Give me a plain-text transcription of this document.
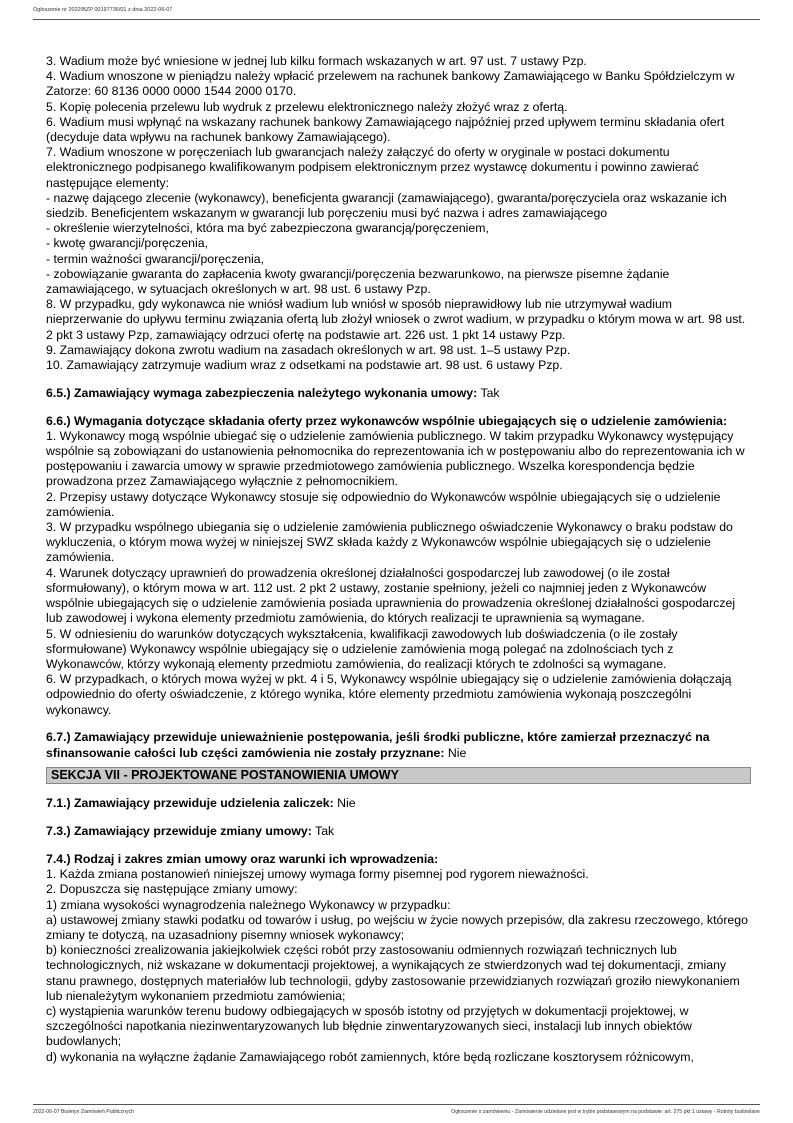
Ogłoszenie nr 2022/BZP 00197736/01 z dnia 2022-06-07

3. Wadium może być wniesione w jednej lub kilku formach wskazanych w art. 97 ust. 7 ustawy Pzp.

4. Wadium wnoszone w pieniądzu należy wpłacić przelewem na rachunek bankowy Zamawiającego w Banku Spółdzielczym w Zatorze: 60 8136 0000 0000 1544 2000 0170.

5. Kopię polecenia przelewu lub wydruk z przelewu elektronicznego należy złożyć wraz z ofertą.

6. Wadium musi wpłynąć na wskazany rachunek bankowy Zamawiającego najpóźniej przed upływem terminu składania ofert (decyduje data wpływu na rachunek bankowy Zamawiającego).

7. Wadium wnoszone w poręczeniach lub gwarancjach należy załączyć do oferty w oryginale w postaci dokumentu elektronicznego podpisanego kwalifikowanym podpisem elektronicznym przez wystawcę dokumentu i powinno zawierać następujące elementy:

- nazwę dającego zlecenie (wykonawcy), beneficjenta gwarancji (zamawiającego), gwaranta/poręczyciela oraz wskazanie ich siedzib. Beneficjentem wskazanym w gwarancji lub poręczeniu musi być nazwa i adres zamawiającego

- określenie wierzytelności, która ma być zabezpieczona gwarancją/poręczeniem,

- kwotę gwarancji/poręczenia,

- termin ważności gwarancji/poręczenia,

- zobowiązanie gwaranta do zapłacenia kwoty gwarancji/poręczenia bezwarunkowo, na pierwsze pisemne żądanie zamawiającego, w sytuacjach określonych w art. 98 ust. 6 ustawy Pzp.

8. W przypadku, gdy wykonawca nie wniósł wadium lub wniósł w sposób nieprawidłowy lub nie utrzymywał wadium nieprzerwanie do upływu terminu związania ofertą lub złożył wniosek o zwrot wadium, w przypadku o którym mowa w art. 98 ust. 2 pkt 3 ustawy Pzp, zamawiający odrzuci ofertę na podstawie art. 226 ust. 1 pkt 14 ustawy Pzp.

9. Zamawiający dokona zwrotu wadium na zasadach określonych w art. 98 ust. 1–5 ustawy Pzp.

10. Zamawiający zatrzymuje wadium wraz z odsetkami na podstawie art. 98 ust. 6 ustawy Pzp.

6.5.) Zamawiający wymaga zabezpieczenia należytego wykonania umowy: Tak

6.6.) Wymagania dotyczące składania oferty przez wykonawców wspólnie ubiegających się o udzielenie zamówienia:

1. Wykonawcy mogą wspólnie ubiegać się o udzielenie zamówienia publicznego. W takim przypadku Wykonawcy występujący wspólnie są zobowiązani do ustanowienia pełnomocnika do reprezentowania ich w postępowaniu albo do reprezentowania ich w postępowaniu i zawarcia umowy w sprawie przedmiotowego zamówienia publicznego. Wszelka korespondencja będzie prowadzona przez Zamawiającego wyłącznie z pełnomocnikiem.

2. Przepisy ustawy dotyczące Wykonawcy stosuje się odpowiednio do Wykonawców wspólnie ubiegających się o udzielenie zamówienia.

3. W przypadku wspólnego ubiegania się o udzielenie zamówienia publicznego oświadczenie Wykonawcy o braku podstaw do wykluczenia, o którym mowa wyżej w niniejszej SWZ składa każdy z Wykonawców wspólnie ubiegających się o udzielenie zamówienia.

4. Warunek dotyczący uprawnień do prowadzenia określonej działalności gospodarczej lub zawodowej (o ile został sformułowany), o którym mowa w art. 112 ust. 2 pkt 2 ustawy, zostanie spełniony, jeżeli co najmniej jeden z Wykonawców wspólnie ubiegających się o udzielenie zamówienia posiada uprawnienia do prowadzenia określonej działalności gospodarczej lub zawodowej i wykona elementy przedmiotu zamówienia, do których realizacji te uprawnienia są wymagane.

5. W odniesieniu do warunków dotyczących wykształcenia, kwalifikacji zawodowych lub doświadczenia (o ile zostały sformułowane) Wykonawcy wspólnie ubiegający się o udzielenie zamówienia mogą polegać na zdolnościach tych z Wykonawców, którzy wykonają elementy przedmiotu zamówienia, do realizacji których te zdolności są wymagane.

6. W przypadkach, o których mowa wyżej w pkt. 4 i 5, Wykonawcy wspólnie ubiegający się o udzielenie zamówienia dołączają odpowiednio do oferty oświadczenie, z którego wynika, które elementy przedmiotu zamówienia wykonają poszczególni wykonawcy.

6.7.) Zamawiający przewiduje unieważnienie postępowania, jeśli środki publiczne, które zamierzał przeznaczyć na sfinansowanie całości lub części zamówienia nie zostały przyznane: Nie

SEKCJA VII - PROJEKTOWANE POSTANOWIENIA UMOWY

7.1.) Zamawiający przewiduje udzielenia zaliczek: Nie

7.3.) Zamawiający przewiduje zmiany umowy: Tak

7.4.) Rodzaj i zakres zmian umowy oraz warunki ich wprowadzenia:

1. Każda zmiana postanowień niniejszej umowy wymaga formy pisemnej pod rygorem nieważności.

2. Dopuszcza się następujące zmiany umowy:

1) zmiana wysokości wynagrodzenia należnego Wykonawcy w przypadku:

a) ustawowej zmiany stawki podatku od towarów i usług, po wejściu w życie nowych przepisów, dla zakresu rzeczowego, którego zmiany te dotyczą, na uzasadniony pisemny wniosek wykonawcy;

b) konieczności zrealizowania jakiejkolwiek części robót przy zastosowaniu odmiennych rozwiązań technicznych lub technologicznych, niż wskazane w dokumentacji projektowej, a wynikających ze stwierdzonych wad tej dokumentacji, zmiany stanu prawnego, dostępnych materiałów lub technologii, gdyby zastosowanie przewidzianych rozwiązań groziło niewykonaniem lub nienależytym wykonaniem przedmiotu zamówienia;

c) wystąpienia warunków terenu budowy odbiegających w sposób istotny od przyjętych w dokumentacji projektowej, w szczególności napotkania niezinwentaryzowanych lub błędnie zinwentaryzowanych sieci, instalacji lub innych obiektów budowlanych;

d) wykonania na wyłączne żądanie Zamawiającego robót zamiennych, które będą rozliczane kosztorysem różnicowym,

2022-06-07 Biuletyn Zamówień Publicznych	Ogłoszenie o zamówieniu - Zamówienie udzielane jest w trybie podstawowym na podstawie: art. 275 pkt 1 ustawy - Roboty budowlane
